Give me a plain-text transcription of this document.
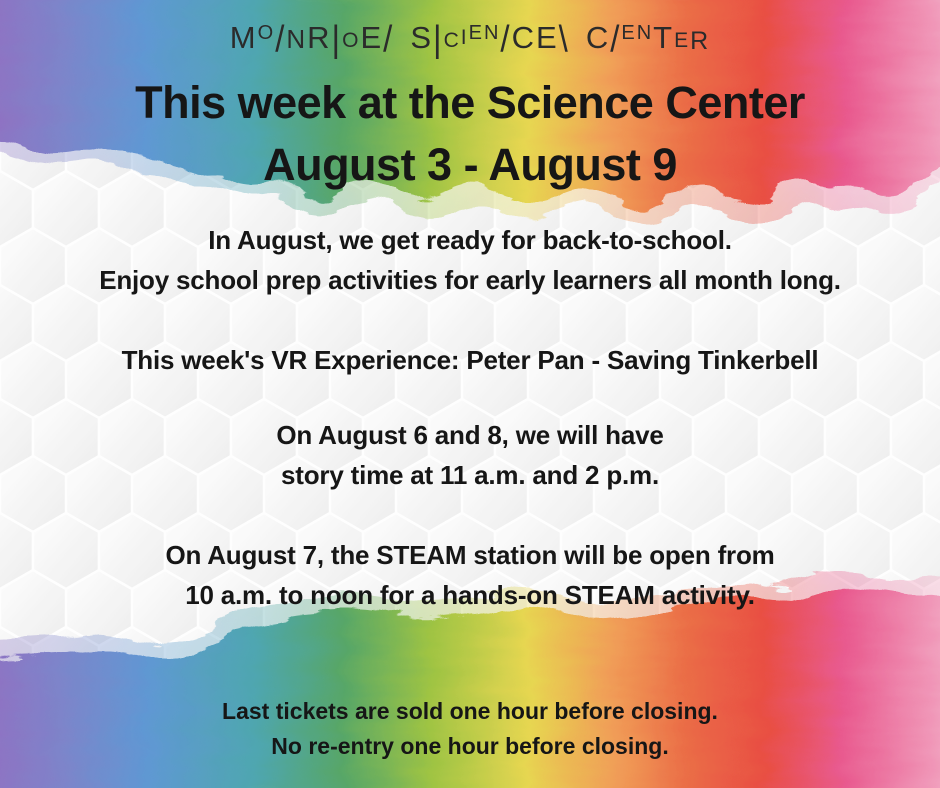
MO/NR|OE/ S|CIEN/CE\ C/ENTER
This week at the Science Center
August 3 - August 9
In August, we get ready for back-to-school.
Enjoy school prep activities for early learners all month long.
This week's VR Experience: Peter Pan - Saving Tinkerbell
On August 6 and 8, we will have
story time at 11 a.m. and 2 p.m.
On August 7, the STEAM station will be open from
10 a.m. to noon for a hands-on STEAM activity.
Last tickets are sold one hour before closing.
No re-entry one hour before closing.
